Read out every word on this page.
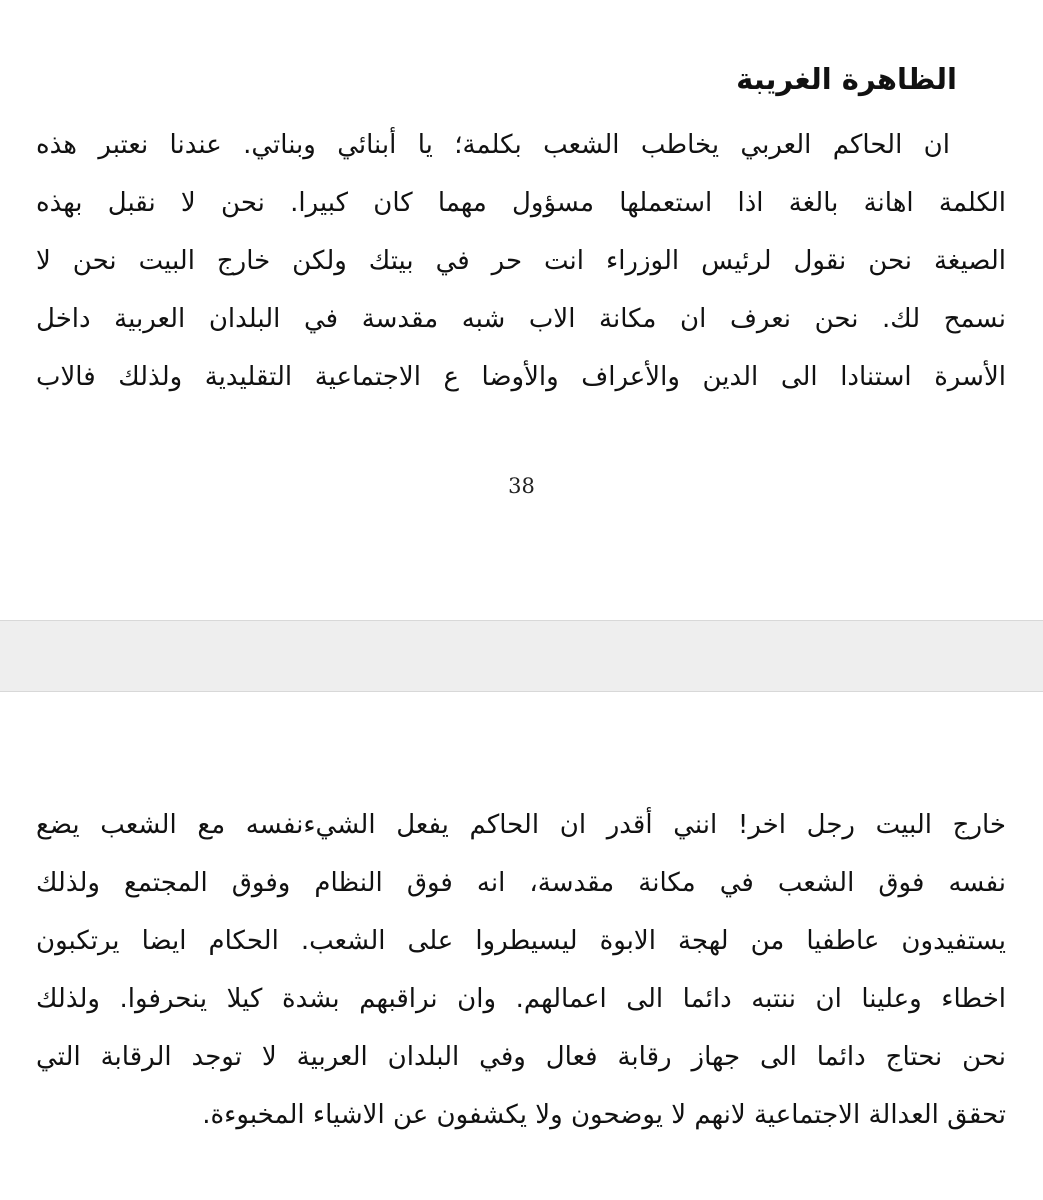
الظاهرة الغريبة
ان الحاكم العربي يخاطب الشعب بكلمة؛ يا أبنائي وبناتي. عندنا نعتبر هذه
الكلمة اهانة بالغة اذا استعملها مسؤول مهما كان كبيرا. نحن لا نقبل بهذه
الصيغة نحن نقول لرئيس الوزراء انت حر في بيتك ولكن خارج البيت نحن لا
نسمح لك. نحن نعرف ان مكانة الاب شبه مقدسة في البلدان العربية داخل
الأسرة استنادا الى الدين والأعراف والأوضا ع الاجتماعية التقليدية ولذلك فالاب
38
خارج البيت رجل اخر! انني أقدر ان الحاكم يفعل الشيءنفسه مع الشعب يضع
نفسه فوق الشعب في مكانة مقدسة، انه فوق النظام وفوق المجتمع ولذلك
يستفيدون عاطفيا من لهجة الابوة ليسيطروا على الشعب. الحكام ايضا يرتكبون
اخطاء وعلينا ان ننتبه دائما الى اعمالهم. وان نراقبهم بشدة كيلا ينحرفوا. ولذلك
نحن نحتاج دائما الى جهاز رقابة فعال وفي البلدان العربية لا توجد الرقابة التي
تحقق العدالة الاجتماعية لانهم لا يوضحون ولا يكشفون عن الاشياء المخبوءة.
